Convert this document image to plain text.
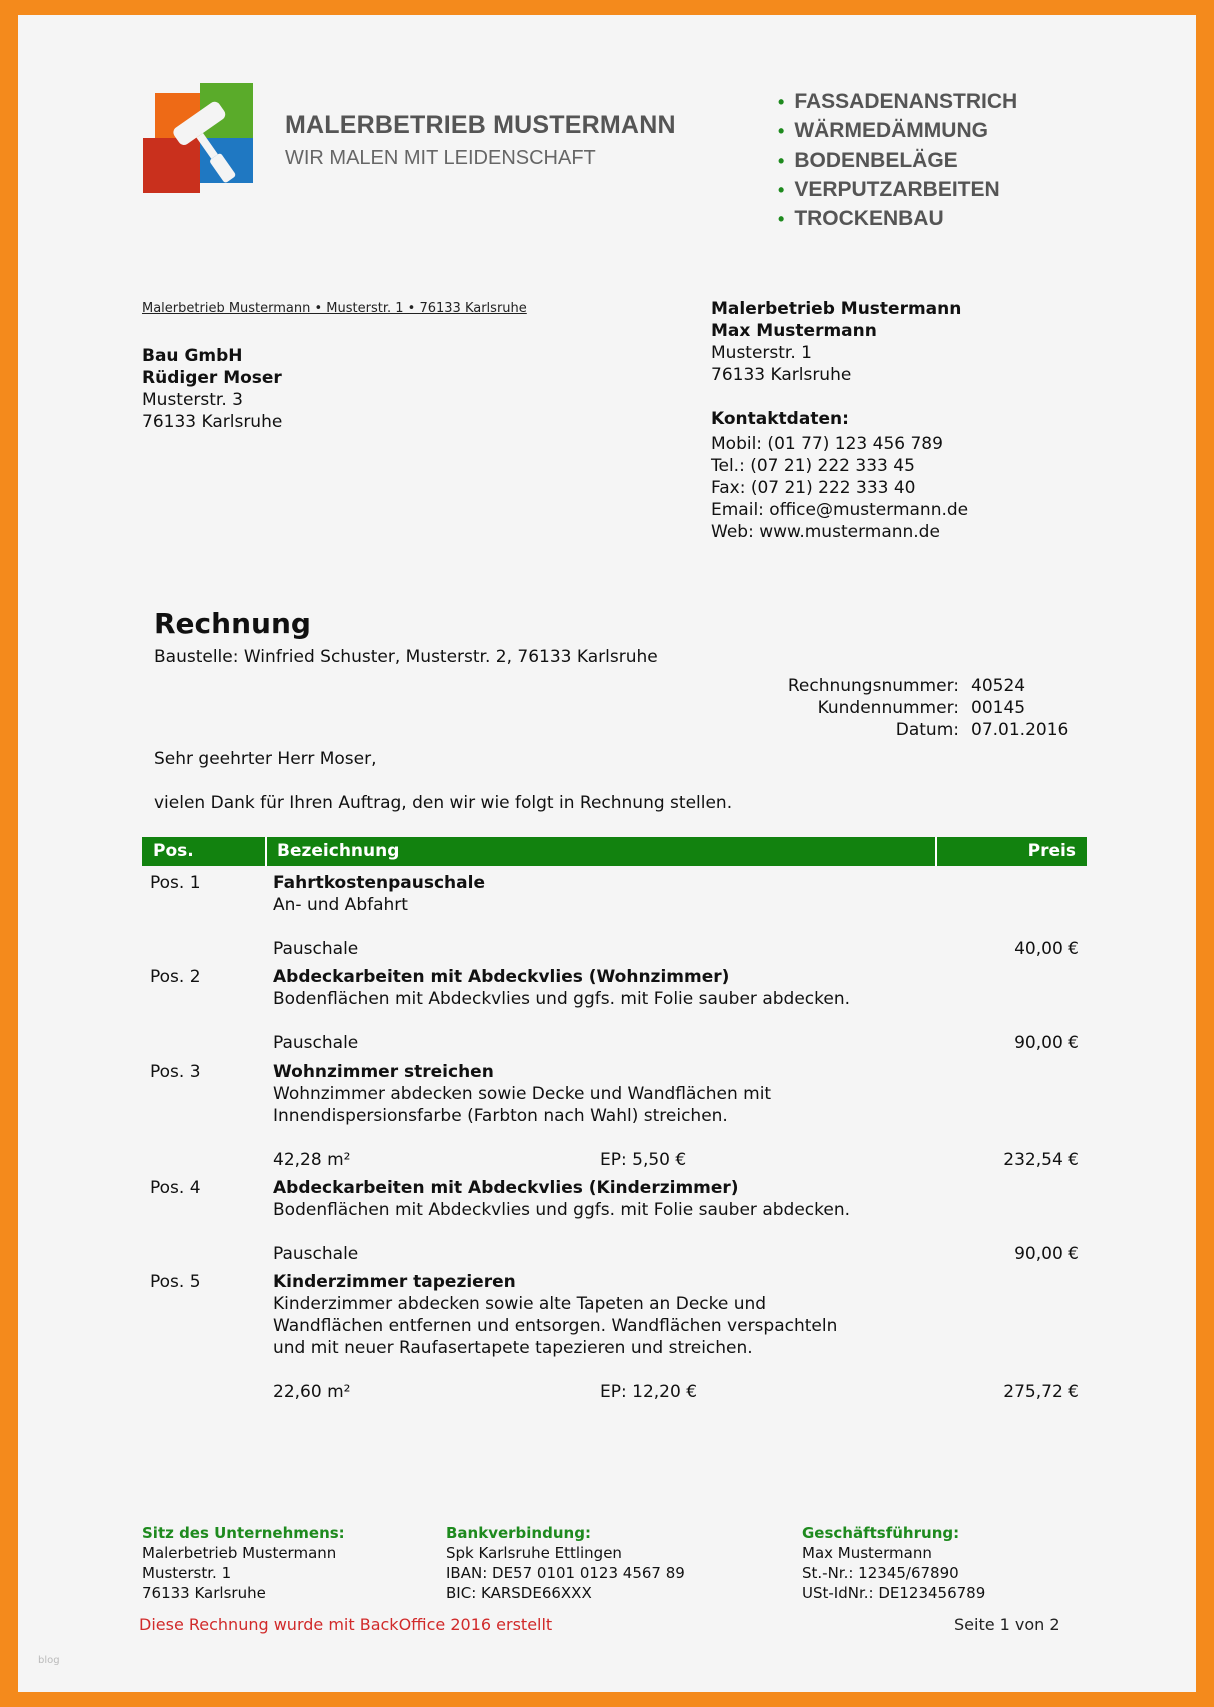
MALERBETRIEB MUSTERMANN
WIR MALEN MIT LEIDENSCHAFT
• FASSADENANSTRICH
• WÄRMEDÄMMUNG
• BODENBELÄGE
• VERPUTZARBEITEN
• TROCKENBAU
Malerbetrieb Mustermann • Musterstr. 1 • 76133 Karlsruhe
Bau GmbH
Rüdiger Moser
Musterstr. 3
76133 Karlsruhe
Malerbetrieb Mustermann
Max Mustermann
Musterstr. 1
76133 Karlsruhe
Kontaktdaten:
Mobil: (01 77) 123 456 789
Tel.: (07 21) 222 333 45
Fax: (07 21) 222 333 40
Email: office@mustermann.de
Web: www.mustermann.de
Rechnung
Baustelle: Winfried Schuster, Musterstr. 2, 76133 Karlsruhe
Rechnungsnummer: 40524
Kundennummer: 00145
Datum: 07.01.2016
Sehr geehrter Herr Moser,
vielen Dank für Ihren Auftrag, den wir wie folgt in Rechnung stellen.
Pos.	Bezeichnung	Preis
Pos. 1	Fahrtkostenpauschale
An- und Abfahrt
Pauschale	40,00 €
Pos. 2	Abdeckarbeiten mit Abdeckvlies (Wohnzimmer)
Bodenflächen mit Abdeckvlies und ggfs. mit Folie sauber abdecken.
Pauschale	90,00 €
Pos. 3	Wohnzimmer streichen
Wohnzimmer abdecken sowie Decke und Wandflächen mit
Innendispersionsfarbe (Farbton nach Wahl) streichen.
42,28 m²	EP: 5,50 €	232,54 €
Pos. 4	Abdeckarbeiten mit Abdeckvlies (Kinderzimmer)
Bodenflächen mit Abdeckvlies und ggfs. mit Folie sauber abdecken.
Pauschale	90,00 €
Pos. 5	Kinderzimmer tapezieren
Kinderzimmer abdecken sowie alte Tapeten an Decke und
Wandflächen entfernen und entsorgen. Wandflächen verspachteln
und mit neuer Raufasertapete tapezieren und streichen.
22,60 m²	EP: 12,20 €	275,72 €
Sitz des Unternehmens:
Malerbetrieb Mustermann
Musterstr. 1
76133 Karlsruhe
Bankverbindung:
Spk Karlsruhe Ettlingen
IBAN: DE57 0101 0123 4567 89
BIC: KARSDE66XXX
Geschäftsführung:
Max Mustermann
St.-Nr.: 12345/67890
USt-IdNr.: DE123456789
Diese Rechnung wurde mit BackOffice 2016 erstellt	Seite 1 von 2
blog
